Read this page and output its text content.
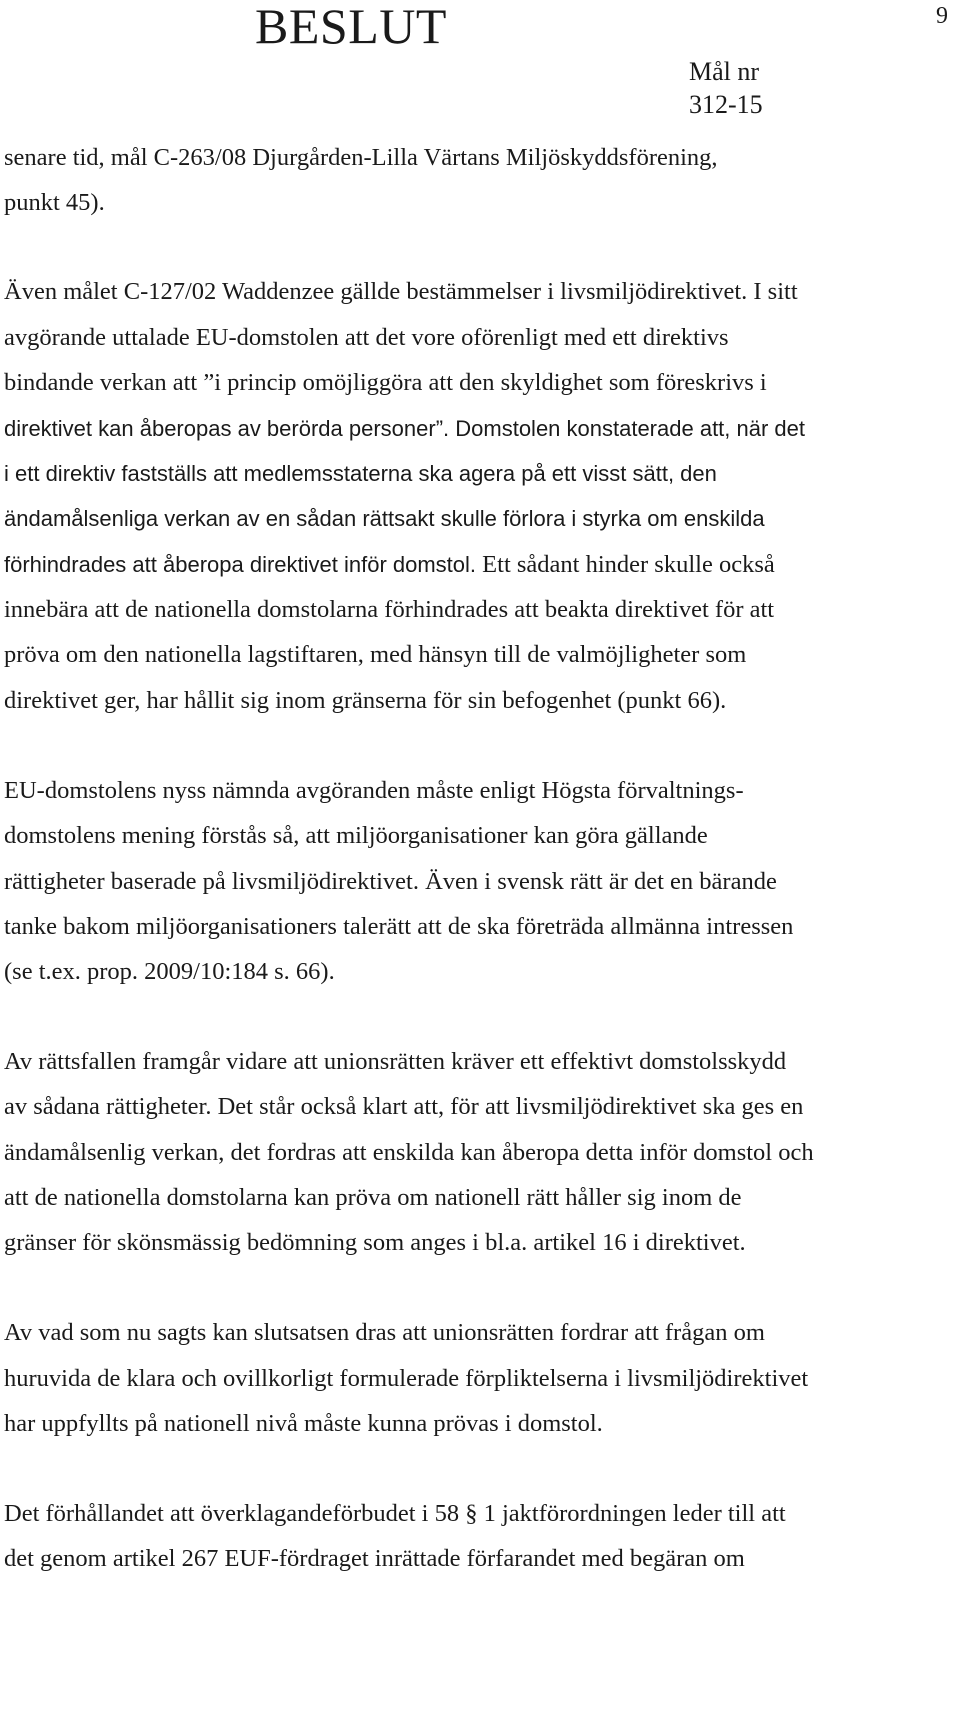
BESLUT	9
Mål nr
312-15
senare tid, mål C-263/08 Djurgården-Lilla Värtans Miljöskyddsförening,
punkt 45).
Även målet C-127/02 Waddenzee gällde bestämmelser i livsmiljödirektivet. I sitt
avgörande uttalade EU-domstolen att det vore oförenligt med ett direktivs
bindande verkan att ”i princip omöjliggöra att den skyldighet som föreskrivs i
direktivet kan åberopas av berörda personer”. Domstolen konstaterade att, när det
i ett direktiv fastställs att medlemsstaterna ska agera på ett visst sätt, den
ändamålsenliga verkan av en sådan rättsakt skulle förlora i styrka om enskilda
förhindrades att åberopa direktivet inför domstol. Ett sådant hinder skulle också
innebära att de nationella domstolarna förhindrades att beakta direktivet för att
pröva om den nationella lagstiftaren, med hänsyn till de valmöjligheter som
direktivet ger, har hållit sig inom gränserna för sin befogenhet (punkt 66).
EU-domstolens nyss nämnda avgöranden måste enligt Högsta förvaltnings-
domstolens mening förstås så, att miljöorganisationer kan göra gällande
rättigheter baserade på livsmiljödirektivet. Även i svensk rätt är det en bärande
tanke bakom miljöorganisationers talerätt att de ska företräda allmänna intressen
(se t.ex. prop. 2009/10:184 s. 66).
Av rättsfallen framgår vidare att unionsrätten kräver ett effektivt domstolsskydd
av sådana rättigheter. Det står också klart att, för att livsmiljödirektivet ska ges en
ändamålsenlig verkan, det fordras att enskilda kan åberopa detta inför domstol och
att de nationella domstolarna kan pröva om nationell rätt håller sig inom de
gränser för skönsmässig bedömning som anges i bl.a. artikel 16 i direktivet.
Av vad som nu sagts kan slutsatsen dras att unionsrätten fordrar att frågan om
huruvida de klara och ovillkorligt formulerade förpliktelserna i livsmiljödirektivet
har uppfyllts på nationell nivå måste kunna prövas i domstol.
Det förhållandet att överklagandeförbudet i 58 § 1 jaktförordningen leder till att
det genom artikel 267 EUF-fördraget inrättade förfarandet med begäran om
